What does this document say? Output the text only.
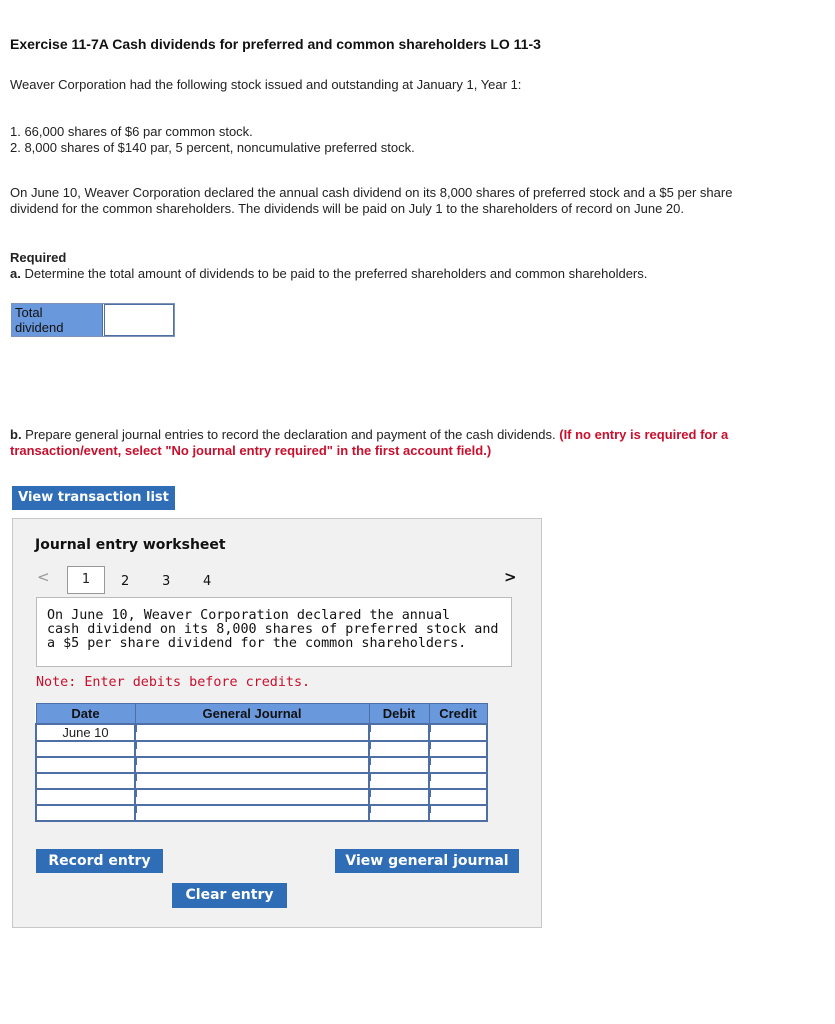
Exercise 11-7A Cash dividends for preferred and common shareholders LO 11-3
Weaver Corporation had the following stock issued and outstanding at January 1, Year 1:
1. 66,000 shares of $6 par common stock.
2. 8,000 shares of $140 par, 5 percent, noncumulative preferred stock.
On June 10, Weaver Corporation declared the annual cash dividend on its 8,000 shares of preferred stock and a $5 per share dividend for the common shareholders. The dividends will be paid on July 1 to the shareholders of record on June 20.
Required
a. Determine the total amount of dividends to be paid to the preferred shareholders and common shareholders.
Total
dividend
b. Prepare general journal entries to record the declaration and payment of the cash dividends. (If no entry is required for a transaction/event, select "No journal entry required" in the first account field.)
View transaction list
Journal entry worksheet
<	1	2	3	4	>
On June 10, Weaver Corporation declared the annual
cash dividend on its 8,000 shares of preferred stock and
a $5 per share dividend for the common shareholders.
Note: Enter debits before credits.
Date	General Journal	Debit	Credit
June 10	

Record entry	View general journal
Clear entry
